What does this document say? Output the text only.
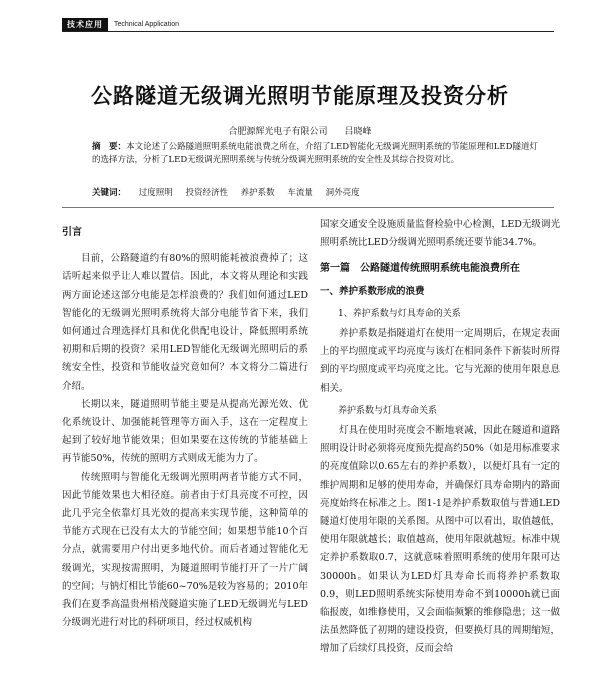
技术应用	Technical Application
公路隧道无级调光照明节能原理及投资分析
合肥源辉光电子有限公司 吕晓峰
摘　要：本文论述了公路隧道照明系统电能浪费之所在，介绍了LED智能化无级调光照明系统的节能原理和LED隧道灯的选择方法，分析了LED无级调光照明系统与传统分级调光照明系统的安全性及其综合投资对比。
关键词： 过度照明 投资经济性 养护系数 车流量 洞外亮度
引言

目前，公路隧道约有80%的照明能耗被浪费掉了；这话听起来似乎让人难以置信。因此，本文将从理论和实践两方面论述这部分电能是怎样浪费的？我们如何通过LED智能化的无级调光照明系统将大部分电能节省下来，我们如何通过合理选择灯具和优化供配电设计，降低照明系统初期和后期的投资？采用LED智能化无级调光照明后的系统安全性，投资和节能收益究竟如何？本文将分二篇进行介绍。

长期以来，隧道照明节能主要是从提高光源光效、优化系统设计、加强能耗管理等方面入手，这在一定程度上起到了较好地节能效果；但如果要在这传统的节能基础上再节能50%，传统的照明方式则成无能为力了。

传统照明与智能化无级调光照明两者节能方式不同，因此节能效果也大相径庭。前者由于灯具亮度不可控，因此几乎完全依靠灯具光效的提高来实现节能，这种简单的节能方式现在已没有太大的节能空间；如果想节能10个百分点，就需要用户付出更多地代价。而后者通过智能化无级调光，实现按需照明，为隧道照明节能打开了一片广阔的空间；与钠灯相比节能60~70%是较为容易的；2010年我们在夏季高温贵州梧茂隧道实施了LED无级调光与LED分级调光进行对比的科研项目，经过权威机构

国家交通安全设施质量监督检验中心检测，LED无级调光照明系统比LED分级调光照明系统还要节能34.7%。

第一篇　公路隧道传统照明系统电能浪费所在
一、养护系数形成的浪费
1、养护系数与灯具寿命的关系

养护系数是指隧道灯在使用一定周期后，在规定表面上的平均照度或平均亮度与该灯在相同条件下新装时所得到的平均照度或平均亮度之比。它与光源的使用年限息息相关。

养护系数与灯具寿命关系

灯具在使用时亮度会不断地衰减，因此在隧道和道路照明设计时必须将亮度预先提高约50%（如是用标准要求的亮度值除以0.65左右的养护系数），以便灯具有一定的维护周期和足够的使用寿命，并确保灯具寿命期内的路面亮度始终在标准之上。图1-1是养护系数取值与普通LED隧道灯使用年限的关系图。从图中可以看出，取值越低，使用年限就越长；取值越高，使用年限就越短。标准中规定养护系数取0.7，这就意味着照明系统的使用年限可达30000h。如果认为LED灯具寿命长而将养护系数取0.9，则LED照明系统实际使用寿命不到10000h就已面临报废，如维修使用，又会面临频繁的维修隐患；这一做法虽然降低了初期的建设投资，但要换灯具的周期缩短，增加了后续灯具投资，反而会给
